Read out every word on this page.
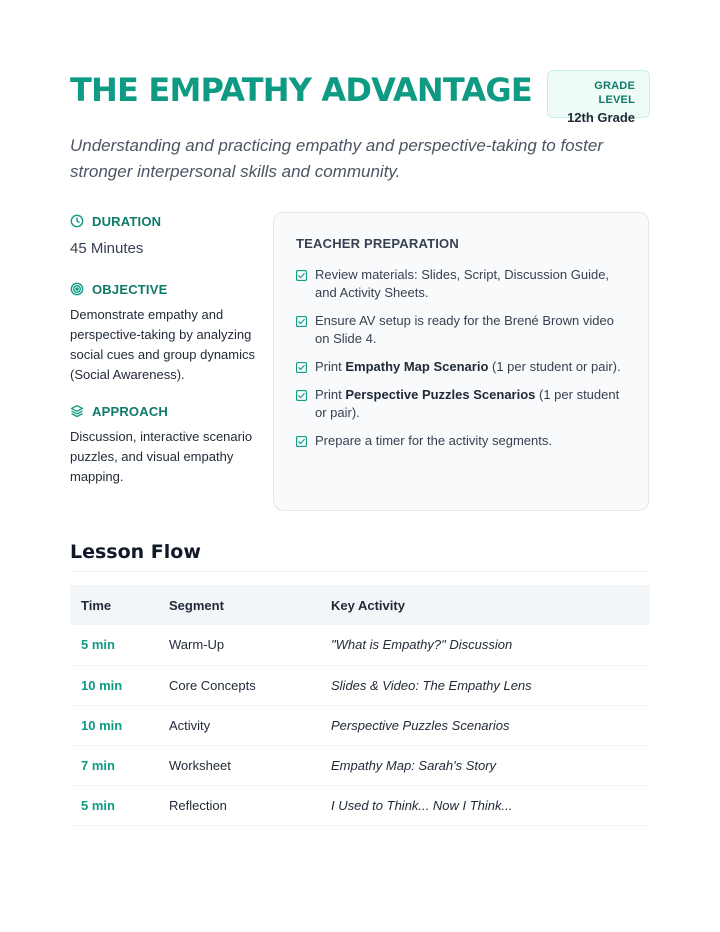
THE EMPATHY ADVANTAGE	GRADE LEVEL
12th Grade

Understanding and practicing empathy and perspective-taking to foster stronger interpersonal skills and community.

DURATION
45 Minutes
OBJECTIVE

Demonstrate empathy and perspective-taking by analyzing social cues and group dynamics (Social Awareness).

APPROACH

Discussion, interactive scenario puzzles, and visual empathy mapping.

TEACHER PREPARATION
Review materials: Slides, Script, Discussion Guide, and Activity Sheets.
Ensure AV setup is ready for the Brené Brown video on Slide 4.
Print Empathy Map Scenario (1 per student or pair).
Print Perspective Puzzles Scenarios (1 per student or pair).
Prepare a timer for the activity segments.
Lesson Flow
Time	Segment	Key Activity
5 min	Warm-Up	"What is Empathy?" Discussion
10 min	Core Concepts	Slides & Video: The Empathy Lens
10 min	Activity	Perspective Puzzles Scenarios
7 min	Worksheet	Empathy Map: Sarah's Story
5 min	Reflection	I Used to Think... Now I Think...
